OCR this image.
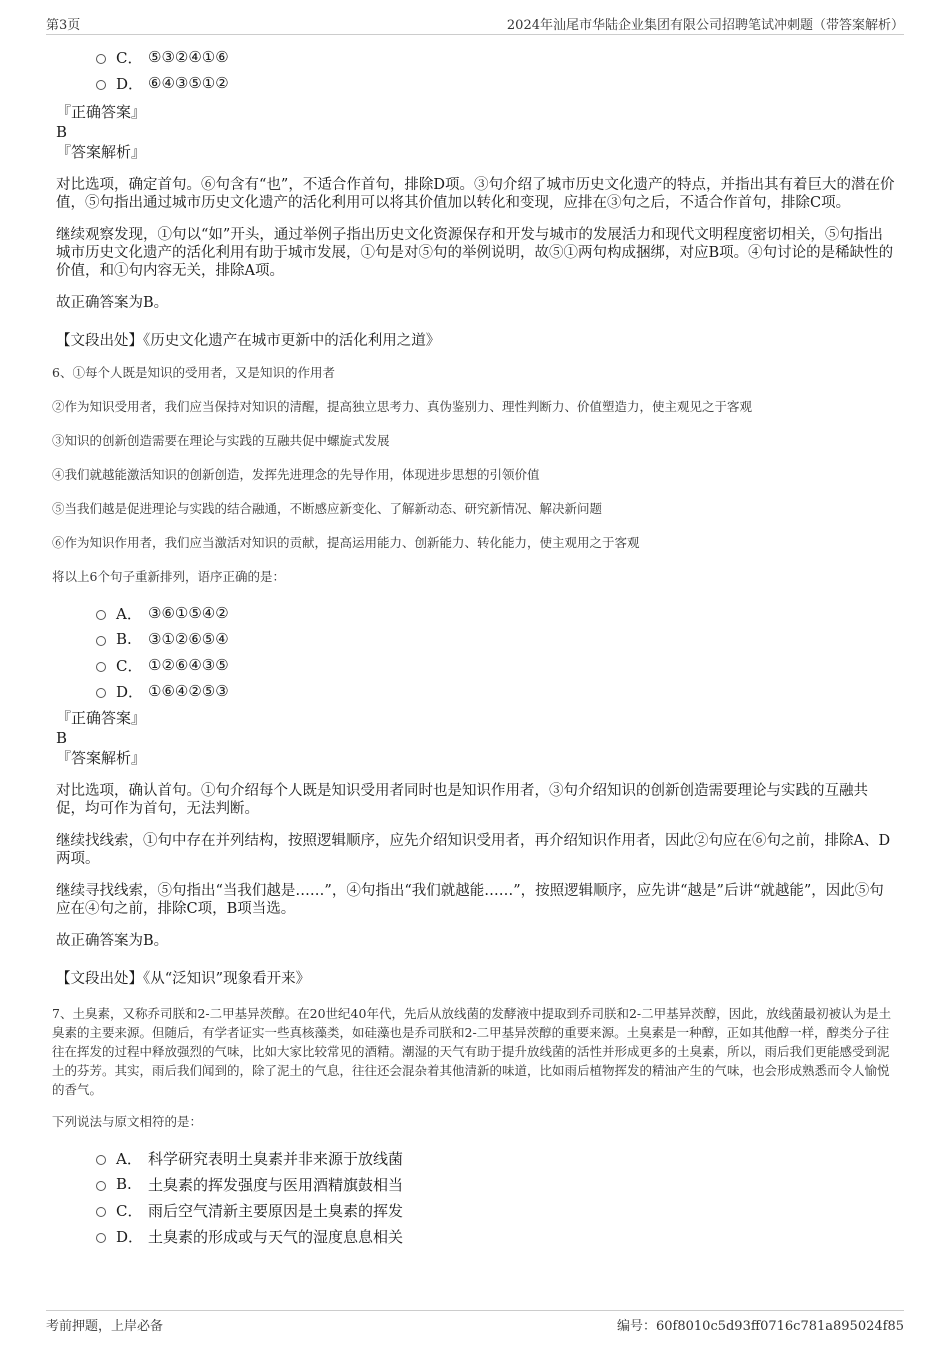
第3页	2024年汕尾市华陆企业集团有限公司招聘笔试冲刺题（带答案解析）
C． ⑤③②④①⑥
D． ⑥④③⑤①②
『正确答案』
B
『答案解析』

对比选项，确定首句。⑥句含有“也”，不适合作首句，排除D项。③句介绍了城市历史文化遗产的特点，并指出其有着巨大的潜在价值，⑤句指出通过城市历史文化遗产的活化利用可以将其价值加以转化和变现，应排在③句之后，不适合作首句，排除C项。

继续观察发现，①句以“如”开头，通过举例子指出历史文化资源保存和开发与城市的发展活力和现代文明程度密切相关，⑤句指出城市历史文化遗产的活化利用有助于城市发展，①句是对⑤句的举例说明，故⑤①两句构成捆绑，对应B项。④句讨论的是稀缺性的价值，和①句内容无关，排除A项。

故正确答案为B。

【文段出处】《历史文化遗产在城市更新中的活化利用之道》

6、①每个人既是知识的受用者，又是知识的作用者

②作为知识受用者，我们应当保持对知识的清醒，提高独立思考力、真伪鉴别力、理性判断力、价值塑造力，使主观见之于客观

③知识的创新创造需要在理论与实践的互融共促中螺旋式发展

④我们就越能激活知识的创新创造，发挥先进理念的先导作用，体现进步思想的引领价值

⑤当我们越是促进理论与实践的结合融通，不断感应新变化、了解新动态、研究新情况、解决新问题

⑥作为知识作用者，我们应当激活对知识的贡献，提高运用能力、创新能力、转化能力，使主观用之于客观

将以上6个句子重新排列，语序正确的是：

A． ③⑥①⑤④②
B.	③①②⑥⑤④
C． ①②⑥④③⑤
D． ①⑥④②⑤③
『正确答案』
B
『答案解析』

对比选项，确认首句。①句介绍每个人既是知识受用者同时也是知识作用者，③句介绍知识的创新创造需要理论与实践的互融共促，均可作为首句，无法判断。

继续找线索，①句中存在并列结构，按照逻辑顺序，应先介绍知识受用者，再介绍知识作用者，因此②句应在⑥句之前，排除A、D两项。

继续寻找线索，⑤句指出“当我们越是……”，④句指出“我们就越能……”，按照逻辑顺序，应先讲“越是”后讲“就越能”，因此⑤句应在④句之前，排除C项，B项当选。

故正确答案为B。

【文段出处】《从“泛知识”现象看开来》

7、土臭素，又称乔司朕和2-二甲基异茨醇。在20世纪40年代，先后从放线菌的发酵液中提取到乔司朕和2-二甲基异茨醇，因此，放线菌最初被认为是土臭素的主要来源。但随后，有学者证实一些真核藻类，如硅藻也是乔司朕和2-二甲基异茨醇的重要来源。土臭素是一种醇，正如其他醇一样，醇类分子往往在挥发的过程中释放强烈的气味，比如大家比较常见的酒精。潮湿的天气有助于提升放线菌的活性并形成更多的土臭素，所以，雨后我们更能感受到泥土的芬芳。其实，雨后我们闻到的，除了泥土的气息，往往还会混杂着其他清新的味道，比如雨后植物挥发的精油产生的气味，也会形成熟悉而令人愉悦的香气。

下列说法与原文相符的是：

A． 科学研究表明土臭素并非来源于放线菌
B.	土臭素的挥发强度与医用酒精旗鼓相当
C． 雨后空气清新主要原因是土臭素的挥发
D． 土臭素的形成或与天气的湿度息息相关
考前押题，上岸必备	编号：60f8010c5d93ff0716c781a895024f85
